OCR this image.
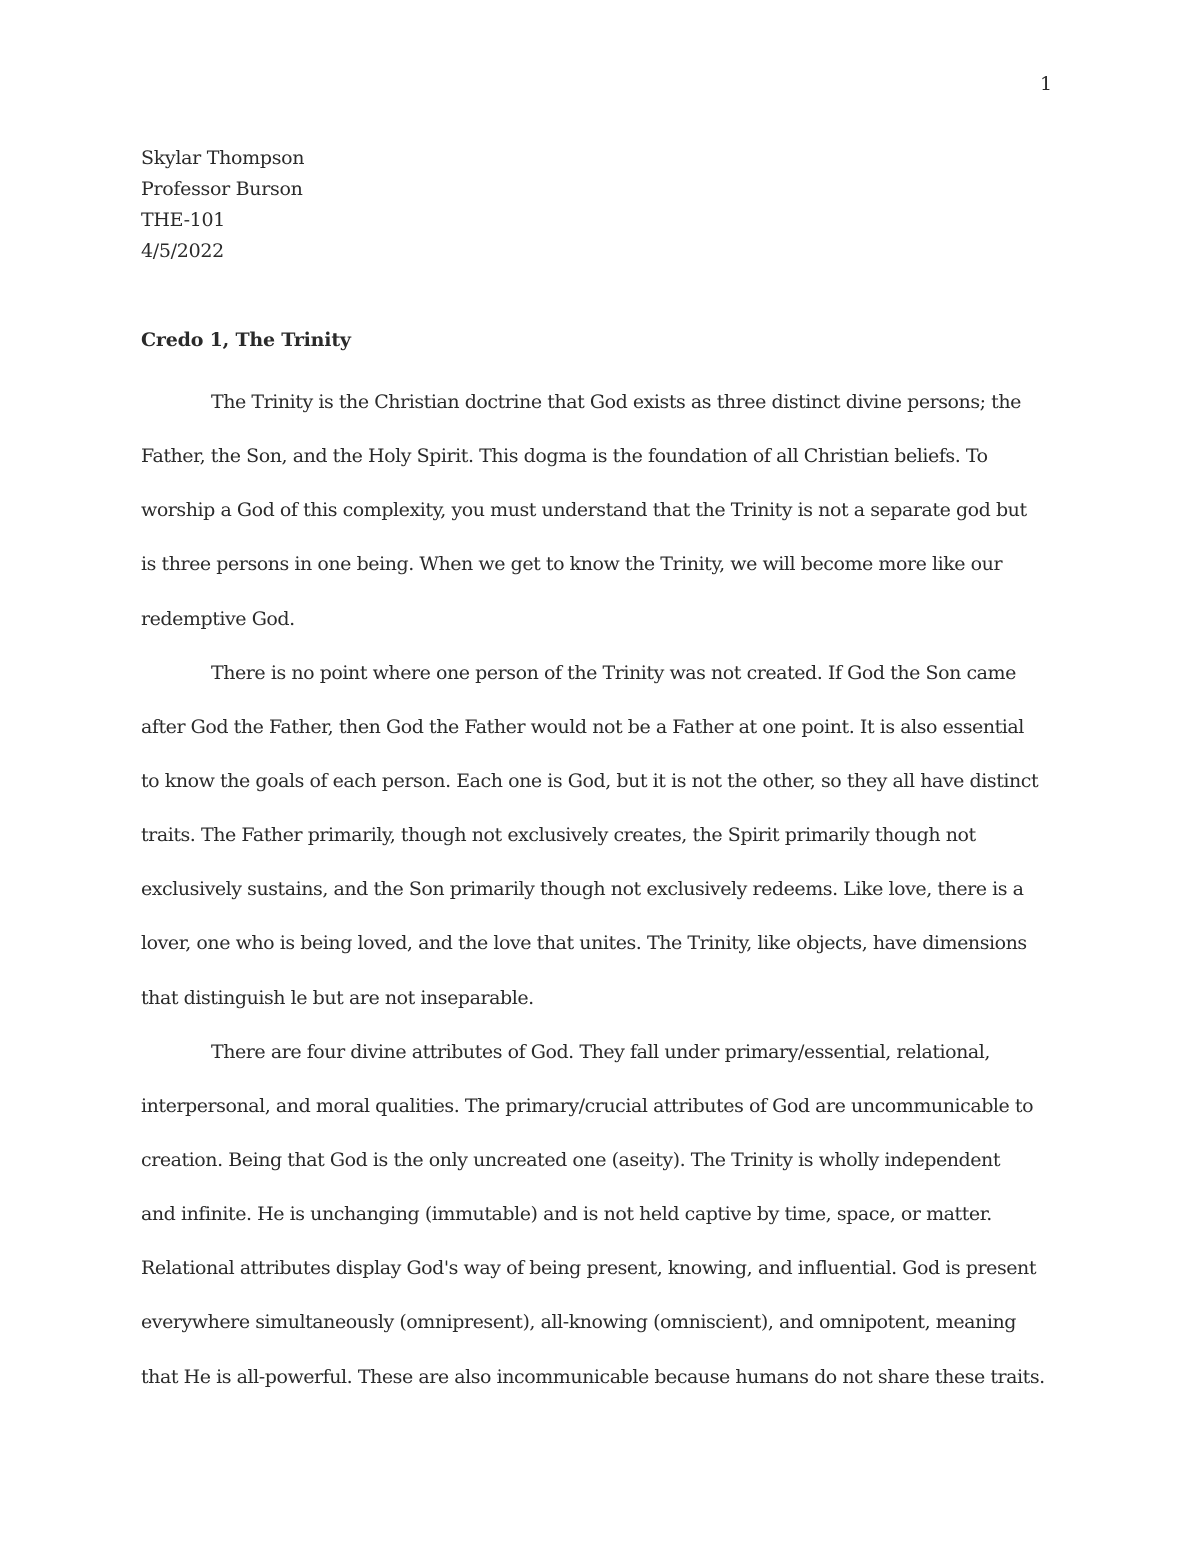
1
Skylar Thompson
Professor Burson
THE-101
4/5/2022
Credo 1, The Trinity
The Trinity is the Christian doctrine that God exists as three distinct divine persons; the
Father, the Son, and the Holy Spirit. This dogma is the foundation of all Christian beliefs. To
worship a God of this complexity, you must understand that the Trinity is not a separate god but
is three persons in one being. When we get to know the Trinity, we will become more like our
redemptive God.
There is no point where one person of the Trinity was not created. If God the Son came
after God the Father, then God the Father would not be a Father at one point. It is also essential
to know the goals of each person. Each one is God, but it is not the other, so they all have distinct
traits. The Father primarily, though not exclusively creates, the Spirit primarily though not
exclusively sustains, and the Son primarily though not exclusively redeems. Like love, there is a
lover, one who is being loved, and the love that unites. The Trinity, like objects, have dimensions
that distinguish le but are not inseparable.
There are four divine attributes of God. They fall under primary/essential, relational,
interpersonal, and moral qualities. The primary/crucial attributes of God are uncommunicable to
creation. Being that God is the only uncreated one (aseity). The Trinity is wholly independent
and infinite. He is unchanging (immutable) and is not held captive by time, space, or matter.
Relational attributes display God's way of being present, knowing, and influential. God is present
everywhere simultaneously (omnipresent), all-knowing (omniscient), and omnipotent, meaning
that He is all-powerful. These are also incommunicable because humans do not share these traits.
